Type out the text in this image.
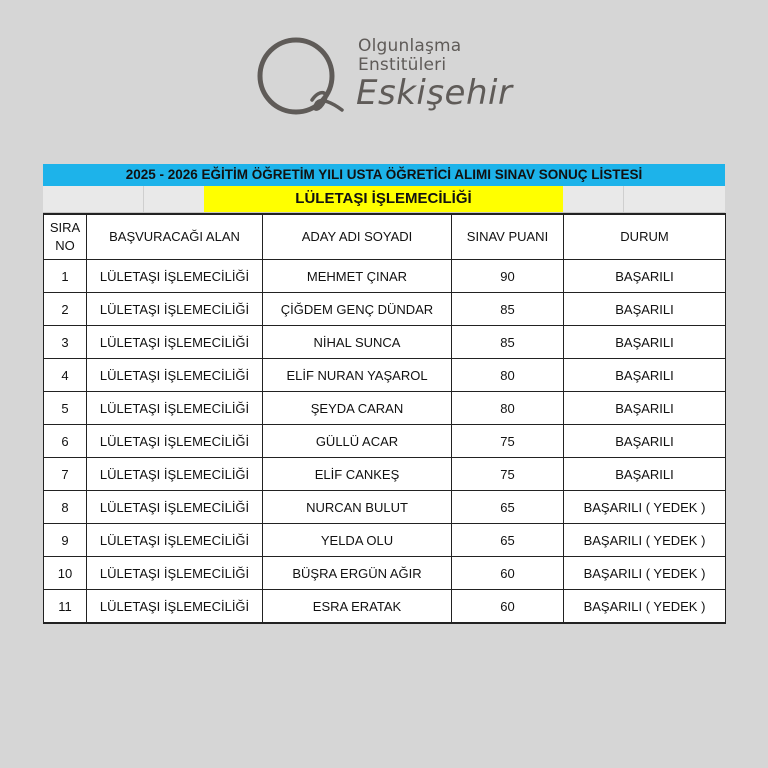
Olgunlaşma
Enstitüleri
Eskişehir
2025 - 2026 EĞİTİM ÖĞRETİM YILI USTA ÖĞRETİCİ ALIMI SINAV SONUÇ LİSTESİ
LÜLETAŞI İŞLEMECİLİĞİ
SIRA NO	BAŞVURACAĞI ALAN	ADAY ADI SOYADI	SINAV PUANI	DURUM
1	LÜLETAŞI İŞLEMECİLİĞİ	MEHMET ÇINAR	90	BAŞARILI
2	LÜLETAŞI İŞLEMECİLİĞİ	ÇİĞDEM GENÇ DÜNDAR	85	BAŞARILI
3	LÜLETAŞI İŞLEMECİLİĞİ	NİHAL SUNCA	85	BAŞARILI
4	LÜLETAŞI İŞLEMECİLİĞİ	ELİF NURAN YAŞAROL	80	BAŞARILI
5	LÜLETAŞI İŞLEMECİLİĞİ	ŞEYDA CARAN	80	BAŞARILI
6	LÜLETAŞI İŞLEMECİLİĞİ	GÜLLÜ ACAR	75	BAŞARILI
7	LÜLETAŞI İŞLEMECİLİĞİ	ELİF CANKEŞ	75	BAŞARILI
8	LÜLETAŞI İŞLEMECİLİĞİ	NURCAN BULUT	65	BAŞARILI ( YEDEK )
9	LÜLETAŞI İŞLEMECİLİĞİ	YELDA OLU	65	BAŞARILI ( YEDEK )
10	LÜLETAŞI İŞLEMECİLİĞİ	BÜŞRA ERGÜN AĞIR	60	BAŞARILI ( YEDEK )
11	LÜLETAŞI İŞLEMECİLİĞİ	ESRA ERATAK	60	BAŞARILI ( YEDEK )
